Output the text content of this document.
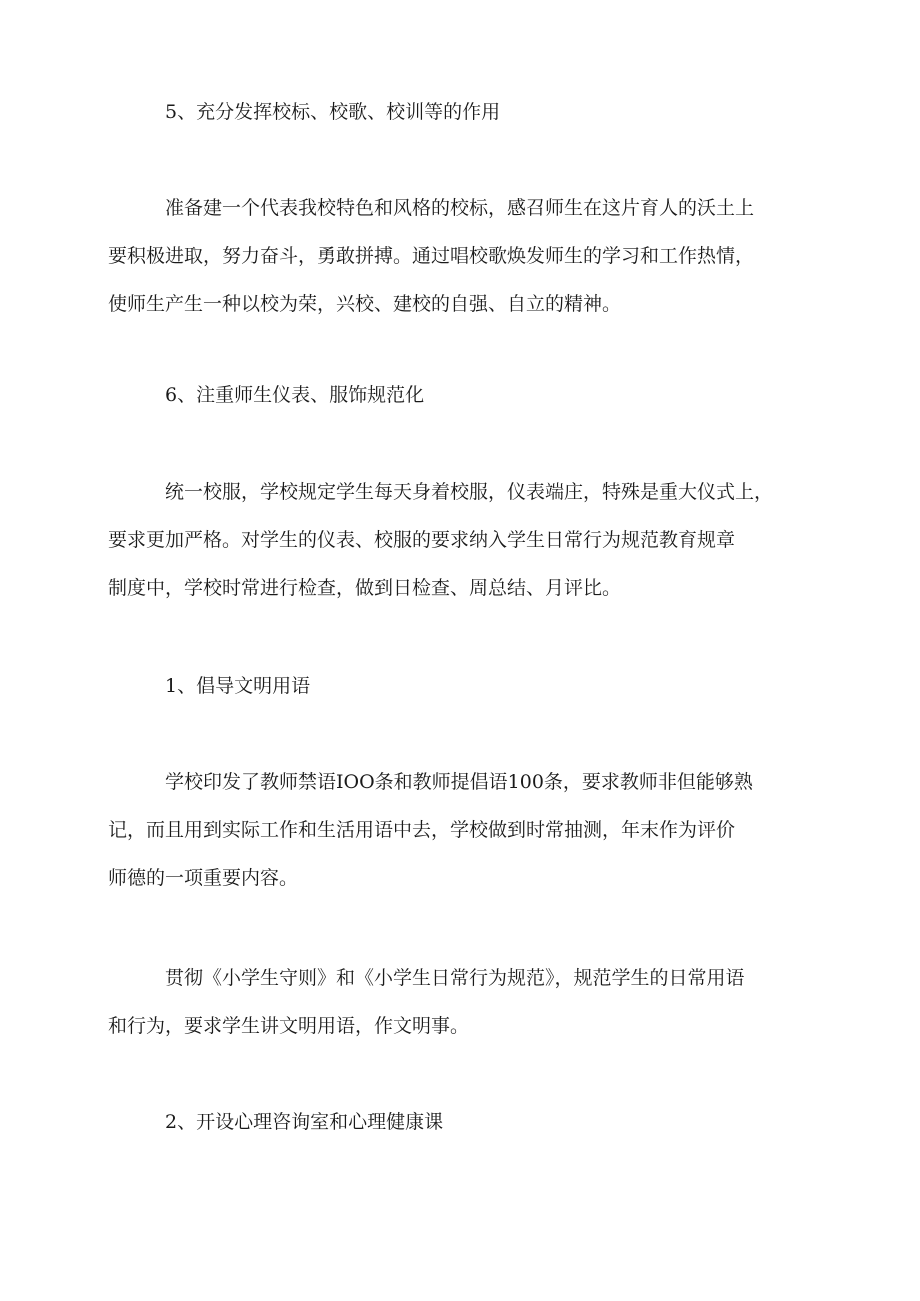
5、充分发挥校标、校歌、校训等的作用
准备建一个代表我校特色和风格的校标，感召师生在这片育人的沃土上
要积极进取，努力奋斗，勇敢拼搏。通过唱校歌焕发师生的学习和工作热情，
使师生产生一种以校为荣，兴校、建校的自强、自立的精神。
6、注重师生仪表、服饰规范化
统一校服，学校规定学生每天身着校服，仪表端庄，特殊是重大仪式上，
要求更加严格。对学生的仪表、校服的要求纳入学生日常行为规范教育规章
制度中，学校时常进行检查，做到日检查、周总结、月评比。
1、倡导文明用语
学校印发了教师禁语IOO条和教师提倡语100条，要求教师非但能够熟
记，而且用到实际工作和生活用语中去，学校做到时常抽测，年末作为评价
师德的一项重要内容。
贯彻《小学生守则》和《小学生日常行为规范》，规范学生的日常用语
和行为，要求学生讲文明用语，作文明事。
2、开设心理咨询室和心理健康课
